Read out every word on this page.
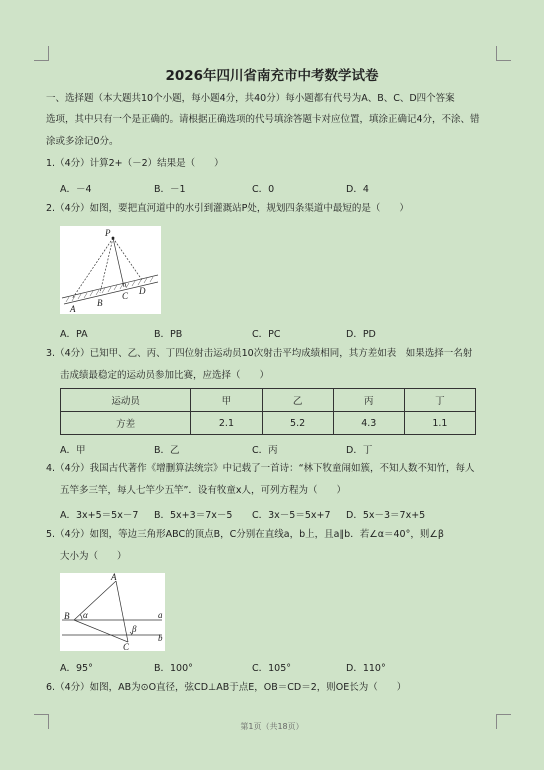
2026年四川省南充市中考数学试卷
一、选择题（本大题共10个小题，每小题4分，共40分）每小题都有代号为A、B、C、D四个答案
选项，其中只有一个是正确的。请根据正确选项的代号填涂答题卡对应位置，填涂正确记4分，不涂、错
涂或多涂记0分。
1.（4分）计算2+（－2）结果是（　　）
A．－4	B．－1	C．0	D．4
2.（4分）如图，要把直河道中的水引到灌溉站P处，规划四条渠道中最短的是（　　）
P
A
B
C D
A．PA	B．PB	C．PC	D．PD
3.（4分）已知甲、乙、丙、丁四位射击运动员10次射击平均成绩相同，其方差如表　如果选择一名射
击成绩最稳定的运动员参加比赛，应选择（　　）
运动员	甲	乙	丙	丁
方差	2.1	5.2	4.3	1.1
A．甲	B．乙	C．丙	D．丁
4.（4分）我国古代著作《增删算法统宗》中记载了一首诗：“林下牧童闹如簇，不知人数不知竹，每人
五竿多三竿，每人七竿少五竿”．设有牧童x人，可列方程为（　　）
A．3x+5＝5x－7 B．5x+3＝7x－5 C．3x－5＝5x+7 D．5x－3＝7x+5
5.（4分）如图，等边三角形ABC的顶点B，C分别在直线a，b上，且a∥b．若∠α＝40°，则∠β
大小为（　　）
A
B
C
α
β
a
b
A．95°	B．100°	C．105°	D．110°
6.（4分）如图，AB为⊙O直径，弦CD⊥AB于点E，OB＝CD＝2，则OE长为（　　）
第1页（共18页）
